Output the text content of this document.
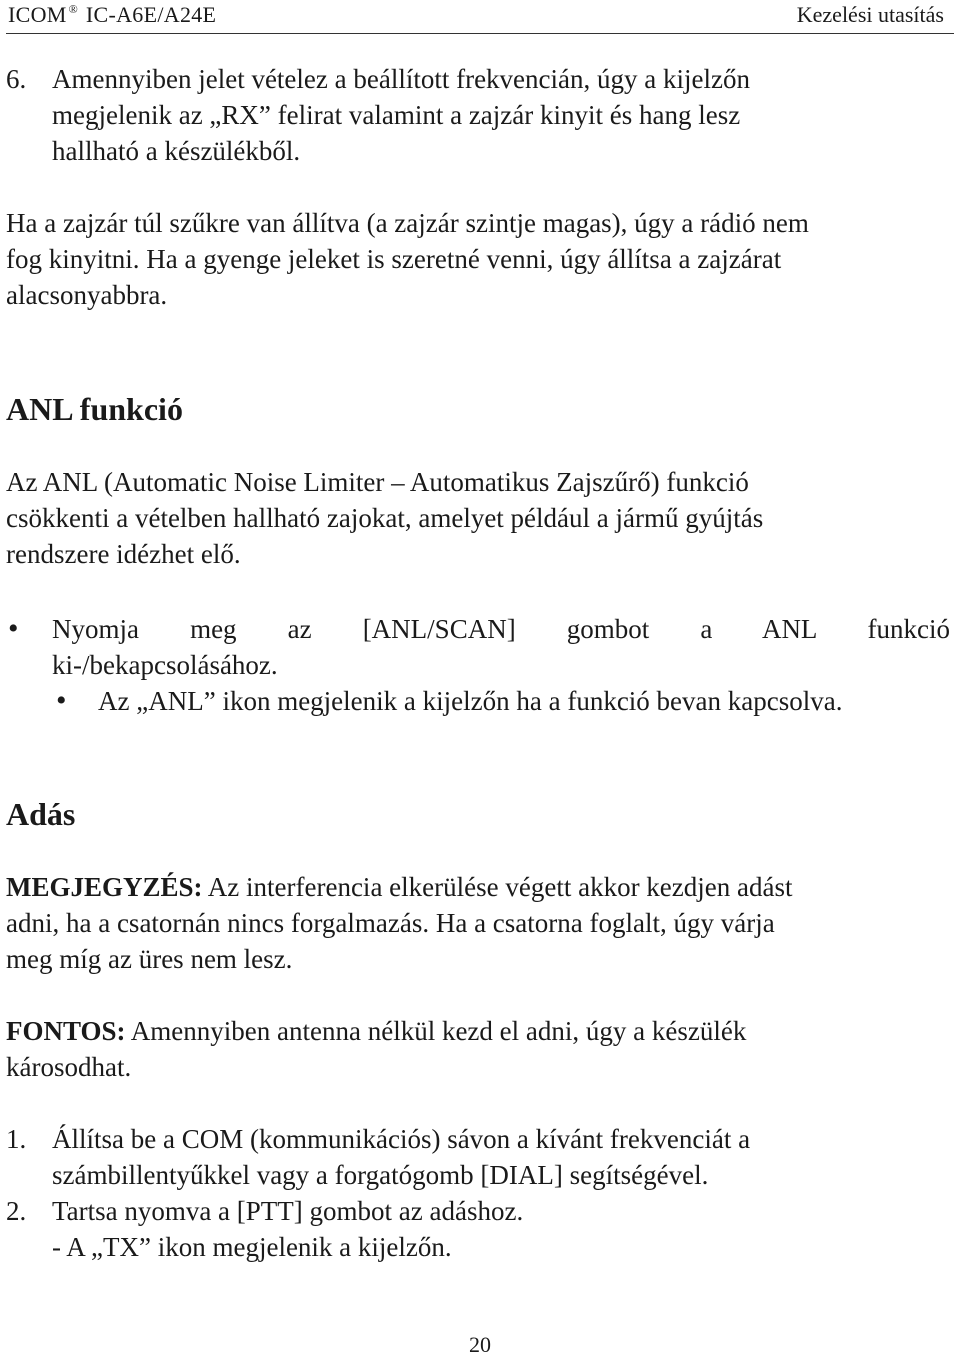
ICOM ® IC-A6E/A24E	Kezelési utasítás
6. Amennyiben jelet vételez a beállított frekvencián, úgy a kijelzőn
megjelenik az „RX” felirat valamint a zajzár kinyit és hang lesz
hallható a készülékből.
Ha a zajzár túl szűkre van állítva (a zajzár szintje magas), úgy a rádió nem
fog kinyitni. Ha a gyenge jeleket is szeretné venni, úgy állítsa a zajzárat
alacsonyabbra.
ANL funkció
Az ANL (Automatic Noise Limiter – Automatikus Zajszűrő) funkció
csökkenti a vételben hallható zajokat, amelyet például a jármű gyújtás
rendszere idézhet elő.
• Nyomja meg az [ANL/SCAN] gombot a ANL funkció
ki-/bekapcsolásához.
• Az „ANL” ikon megjelenik a kijelzőn ha a funkció bevan kapcsolva.
Adás
MEGJEGYZÉS: Az interferencia elkerülése végett akkor kezdjen adást
adni, ha a csatornán nincs forgalmazás. Ha a csatorna foglalt, úgy várja
meg míg az üres nem lesz.
FONTOS: Amennyiben antenna nélkül kezd el adni, úgy a készülék
károsodhat.
1. Állítsa be a COM (kommunikációs) sávon a kívánt frekvenciát a
számbillentyűkkel vagy a forgatógomb [DIAL] segítségével.
2. Tartsa nyomva a [PTT] gombot az adáshoz.
- A „TX” ikon megjelenik a kijelzőn.
20
